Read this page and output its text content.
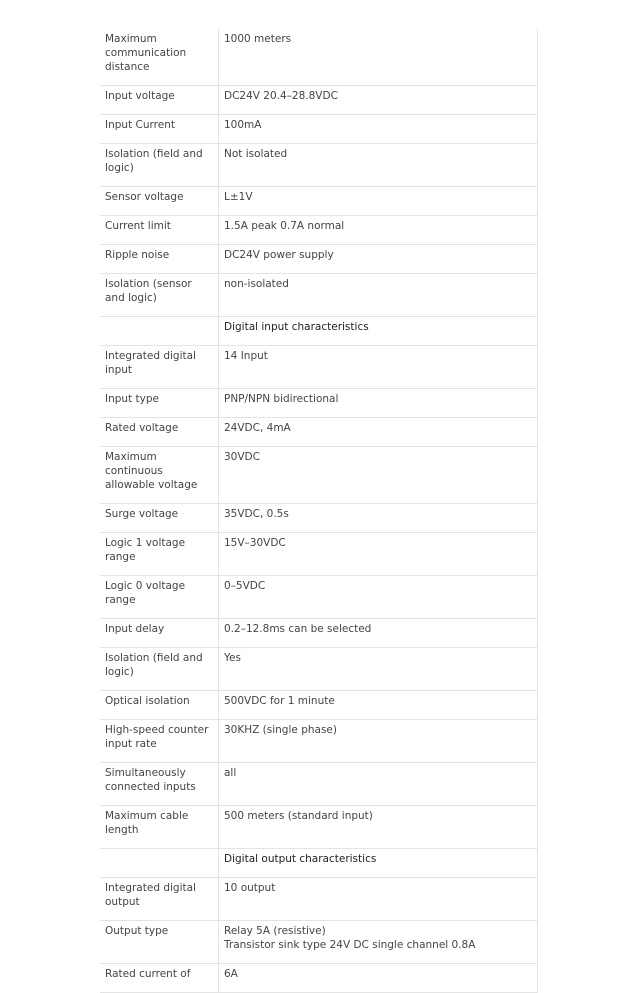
Maximum communication distance	1000 meters
Input voltage	DC24V 20.4–28.8VDC
Input Current	100mA
Isolation (field and logic)	Not isolated
Sensor voltage	L±1V
Current limit	1.5A peak 0.7A normal
Ripple noise	DC24V power supply
Isolation (sensor and logic)	non-isolated
	Digital input characteristics
Integrated digital input	14 Input
Input type	PNP/NPN bidirectional
Rated voltage	24VDC, 4mA
Maximum continuous allowable voltage	30VDC
Surge voltage	35VDC, 0.5s
Logic 1 voltage range	15V–30VDC
Logic 0 voltage range	0–5VDC
Input delay	0.2–12.8ms can be selected
Isolation (field and logic)	Yes
Optical isolation	500VDC for 1 minute
High-speed counter input rate	30KHZ (single phase)
Simultaneously connected inputs	all
Maximum cable length	500 meters (standard input)
	Digital output characteristics
Integrated digital output	10 output
Output type	Relay 5A (resistive)
Transistor sink type 24V DC single channel 0.8A
Rated current of	6A
